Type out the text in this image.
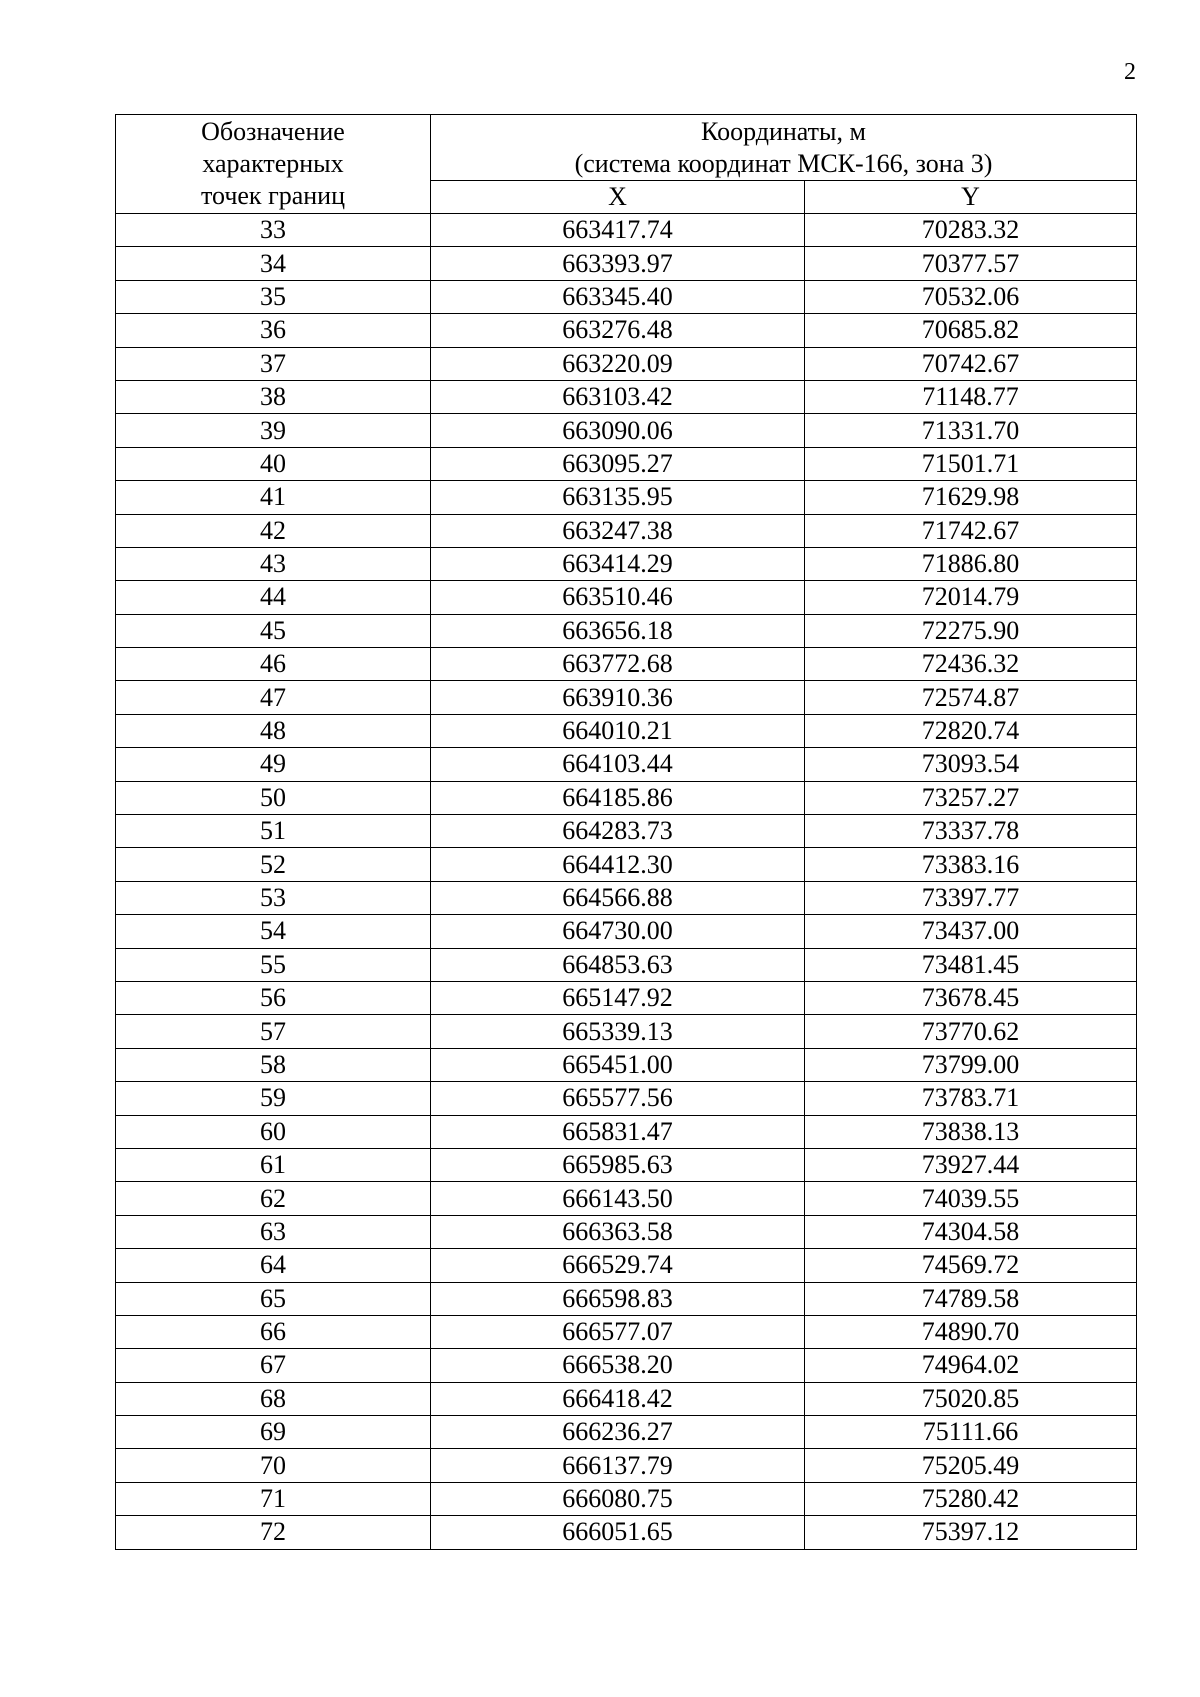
2
Обозначение
характерных
точек границ	Координаты, м
(система координат МСК-166, зона 3)	

	X	Y
33	663417.74	70283.32
34	663393.97	70377.57
35	663345.40	70532.06
36	663276.48	70685.82
37	663220.09	70742.67
38	663103.42	71148.77
39	663090.06	71331.70
40	663095.27	71501.71
41	663135.95	71629.98
42	663247.38	71742.67
43	663414.29	71886.80
44	663510.46	72014.79
45	663656.18	72275.90
46	663772.68	72436.32
47	663910.36	72574.87
48	664010.21	72820.74
49	664103.44	73093.54
50	664185.86	73257.27
51	664283.73	73337.78
52	664412.30	73383.16
53	664566.88	73397.77
54	664730.00	73437.00
55	664853.63	73481.45
56	665147.92	73678.45
57	665339.13	73770.62
58	665451.00	73799.00
59	665577.56	73783.71
60	665831.47	73838.13
61	665985.63	73927.44
62	666143.50	74039.55
63	666363.58	74304.58
64	666529.74	74569.72
65	666598.83	74789.58
66	666577.07	74890.70
67	666538.20	74964.02
68	666418.42	75020.85
69	666236.27	75111.66
70	666137.79	75205.49
71	666080.75	75280.42
72	666051.65	75397.12
